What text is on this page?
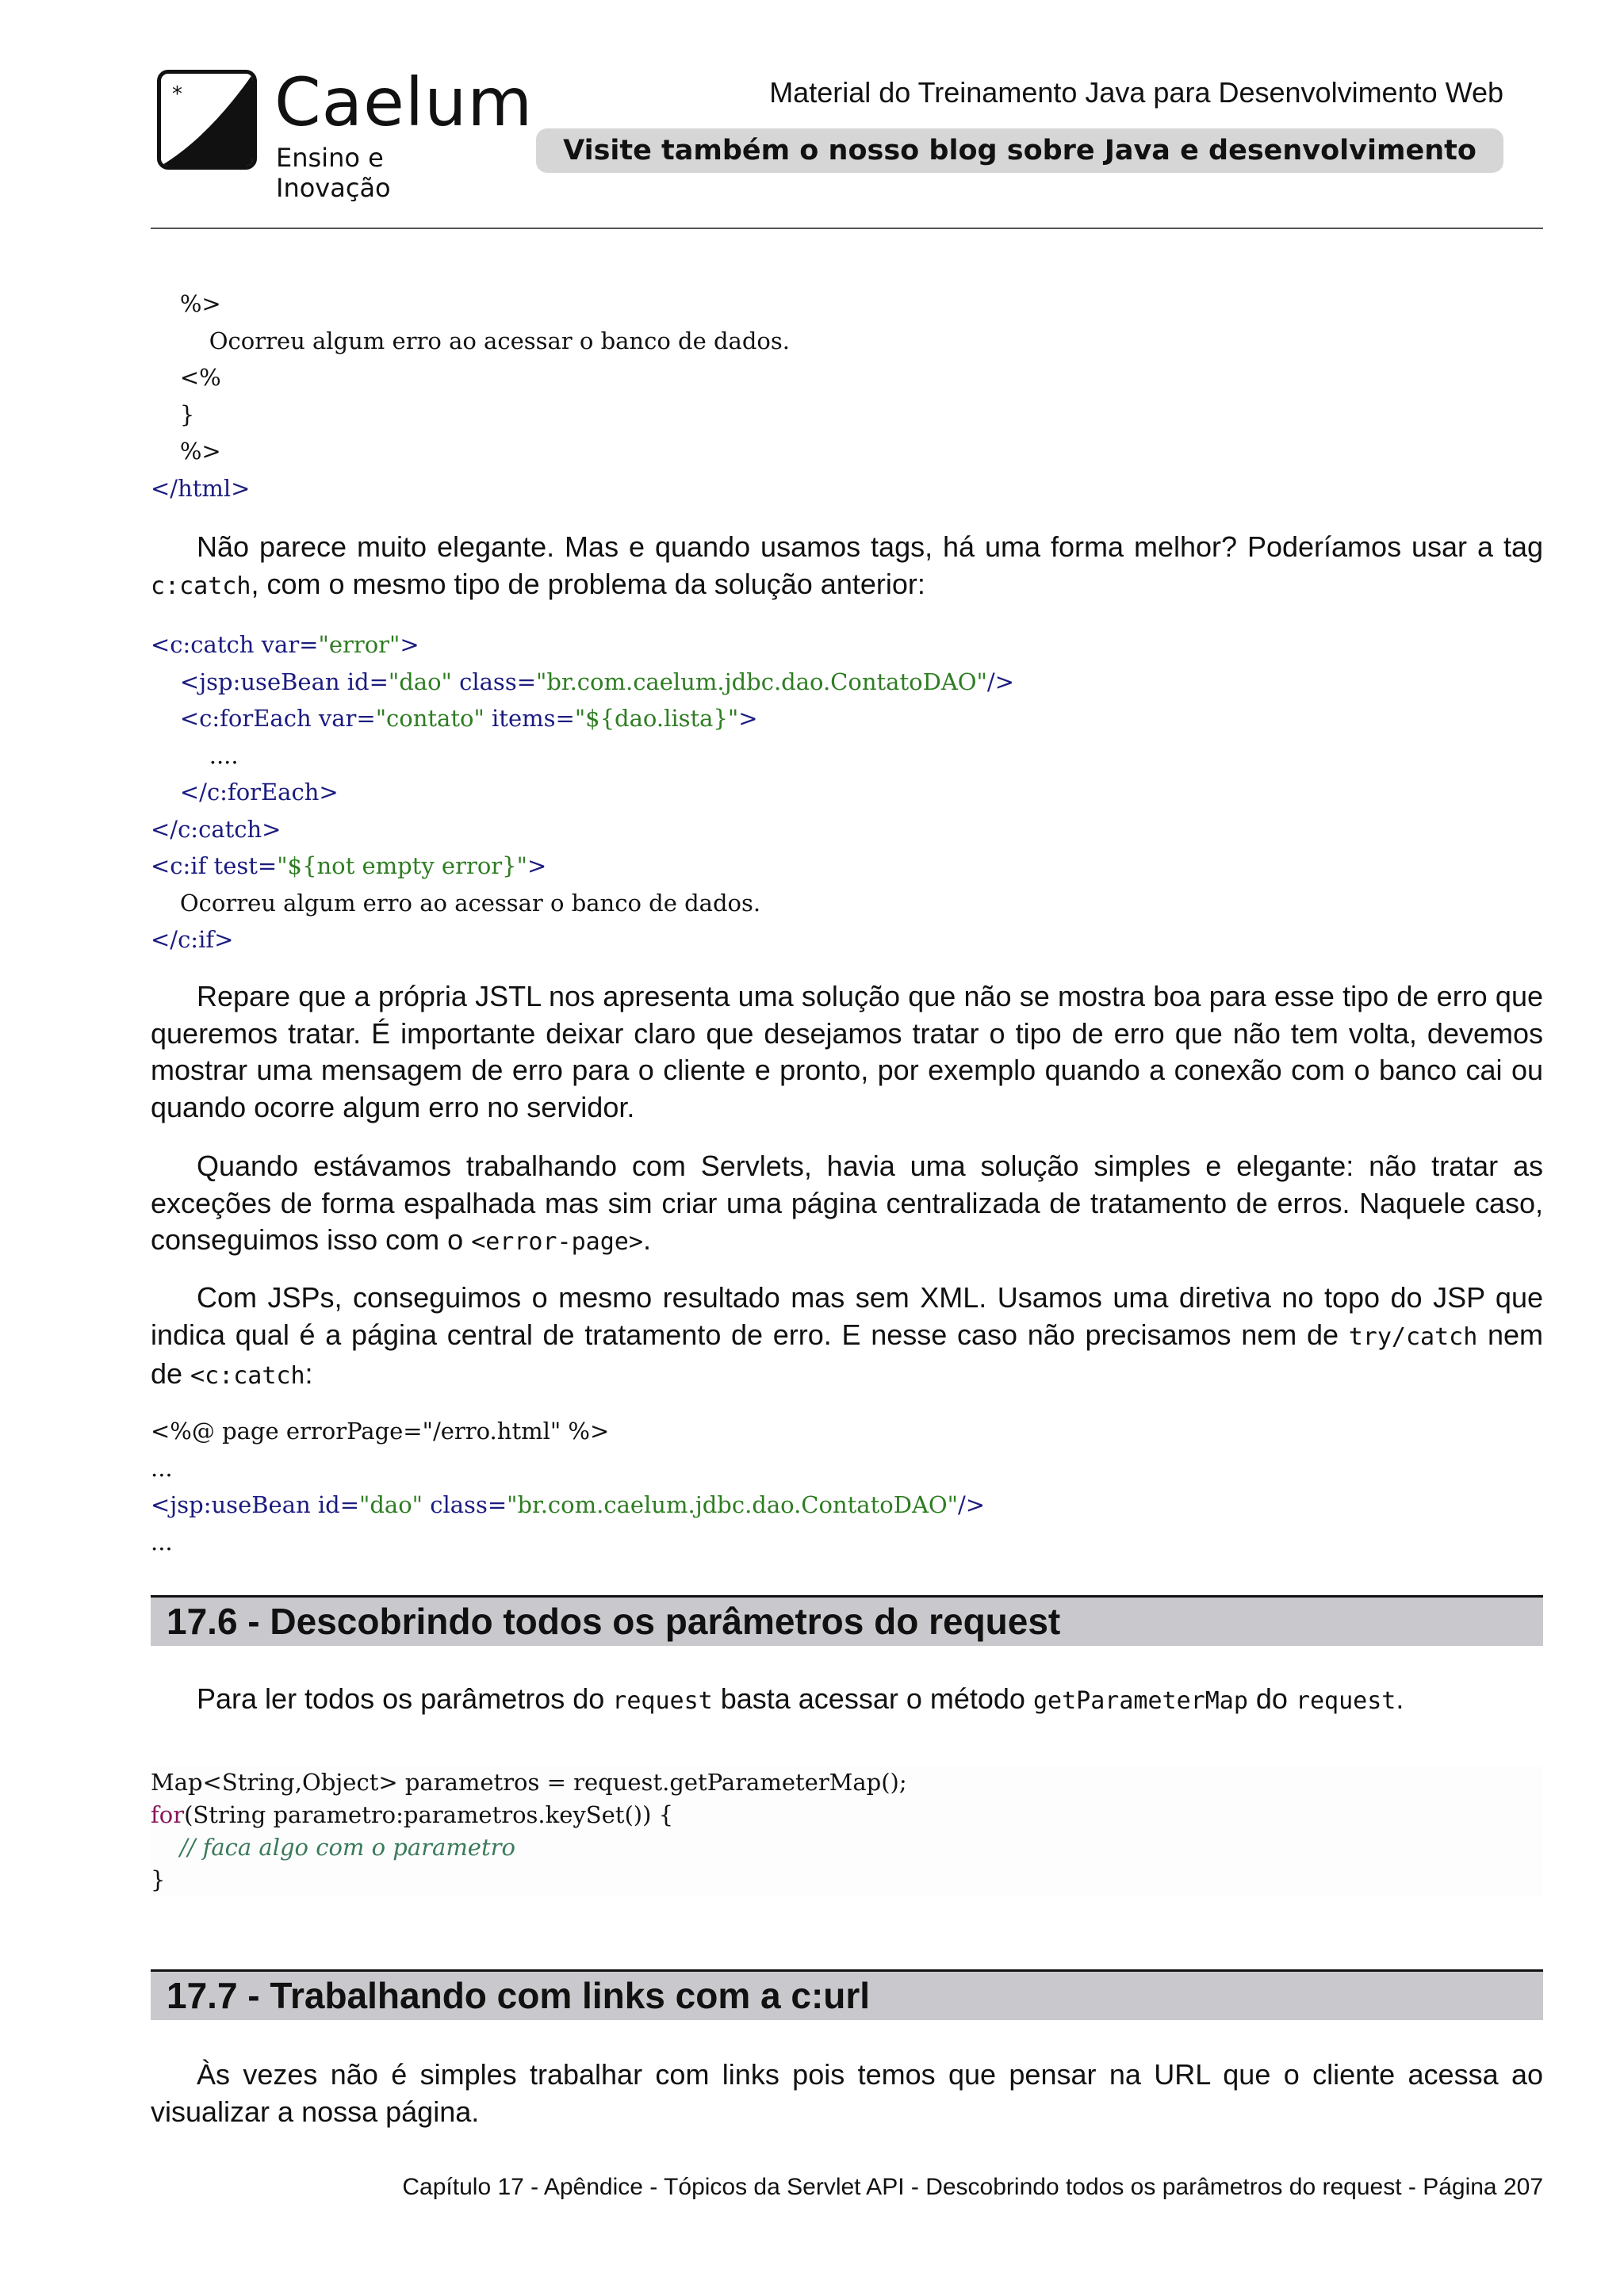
* Caelum
Ensino e Inovação
Material do Treinamento Java para Desenvolvimento Web
Visite também o nosso blog sobre Java e desenvolvimento
%>
Ocorreu algum erro ao acessar o banco de dados.
<%
}
%>
</html>

Não parece muito elegante. Mas e quando usamos tags, há uma forma melhor? Poderíamos usar a tag c:catch, com o mesmo tipo de problema da solução anterior:

<c:catch var="error">
<jsp:useBean id="dao" class="br.com.caelum.jdbc.dao.ContatoDAO"/>
<c:forEach var="contato" items="${dao.lista}">
....
</c:forEach>
</c:catch>
<c:if test="${not empty error}">
Ocorreu algum erro ao acessar o banco de dados.
</c:if>

Repare que a própria JSTL nos apresenta uma solução que não se mostra boa para esse tipo de erro que queremos tratar. É importante deixar claro que desejamos tratar o tipo de erro que não tem volta, devemos mostrar uma mensagem de erro para o cliente e pronto, por exemplo quando a conexão com o banco cai ou quando ocorre algum erro no servidor.

Quando estávamos trabalhando com Servlets, havia uma solução simples e elegante: não tratar as exceções de forma espalhada mas sim criar uma página centralizada de tratamento de erros. Naquele caso, conseguimos isso com o <error-page>.

Com JSPs, conseguimos o mesmo resultado mas sem XML. Usamos uma diretiva no topo do JSP que indica qual é a página central de tratamento de erro. E nesse caso não precisamos nem de try/catch nem de <c:catch:

<%@ page errorPage="/erro.html" %>
...
<jsp:useBean id="dao" class="br.com.caelum.jdbc.dao.ContatoDAO"/>
...
17.6 - Descobrindo todos os parâmetros do request

Para ler todos os parâmetros do request basta acessar o método getParameterMap do request.

Map<String,Object> parametros = request.getParameterMap();
for(String parametro:parametros.keySet()) {
// faca algo com o parametro
}
17.7 - Trabalhando com links com a c:url

Às vezes não é simples trabalhar com links pois temos que pensar na URL que o cliente acessa ao visualizar a nossa página.

Capítulo 17 - Apêndice - Tópicos da Servlet API - Descobrindo todos os parâmetros do request - Página 207
